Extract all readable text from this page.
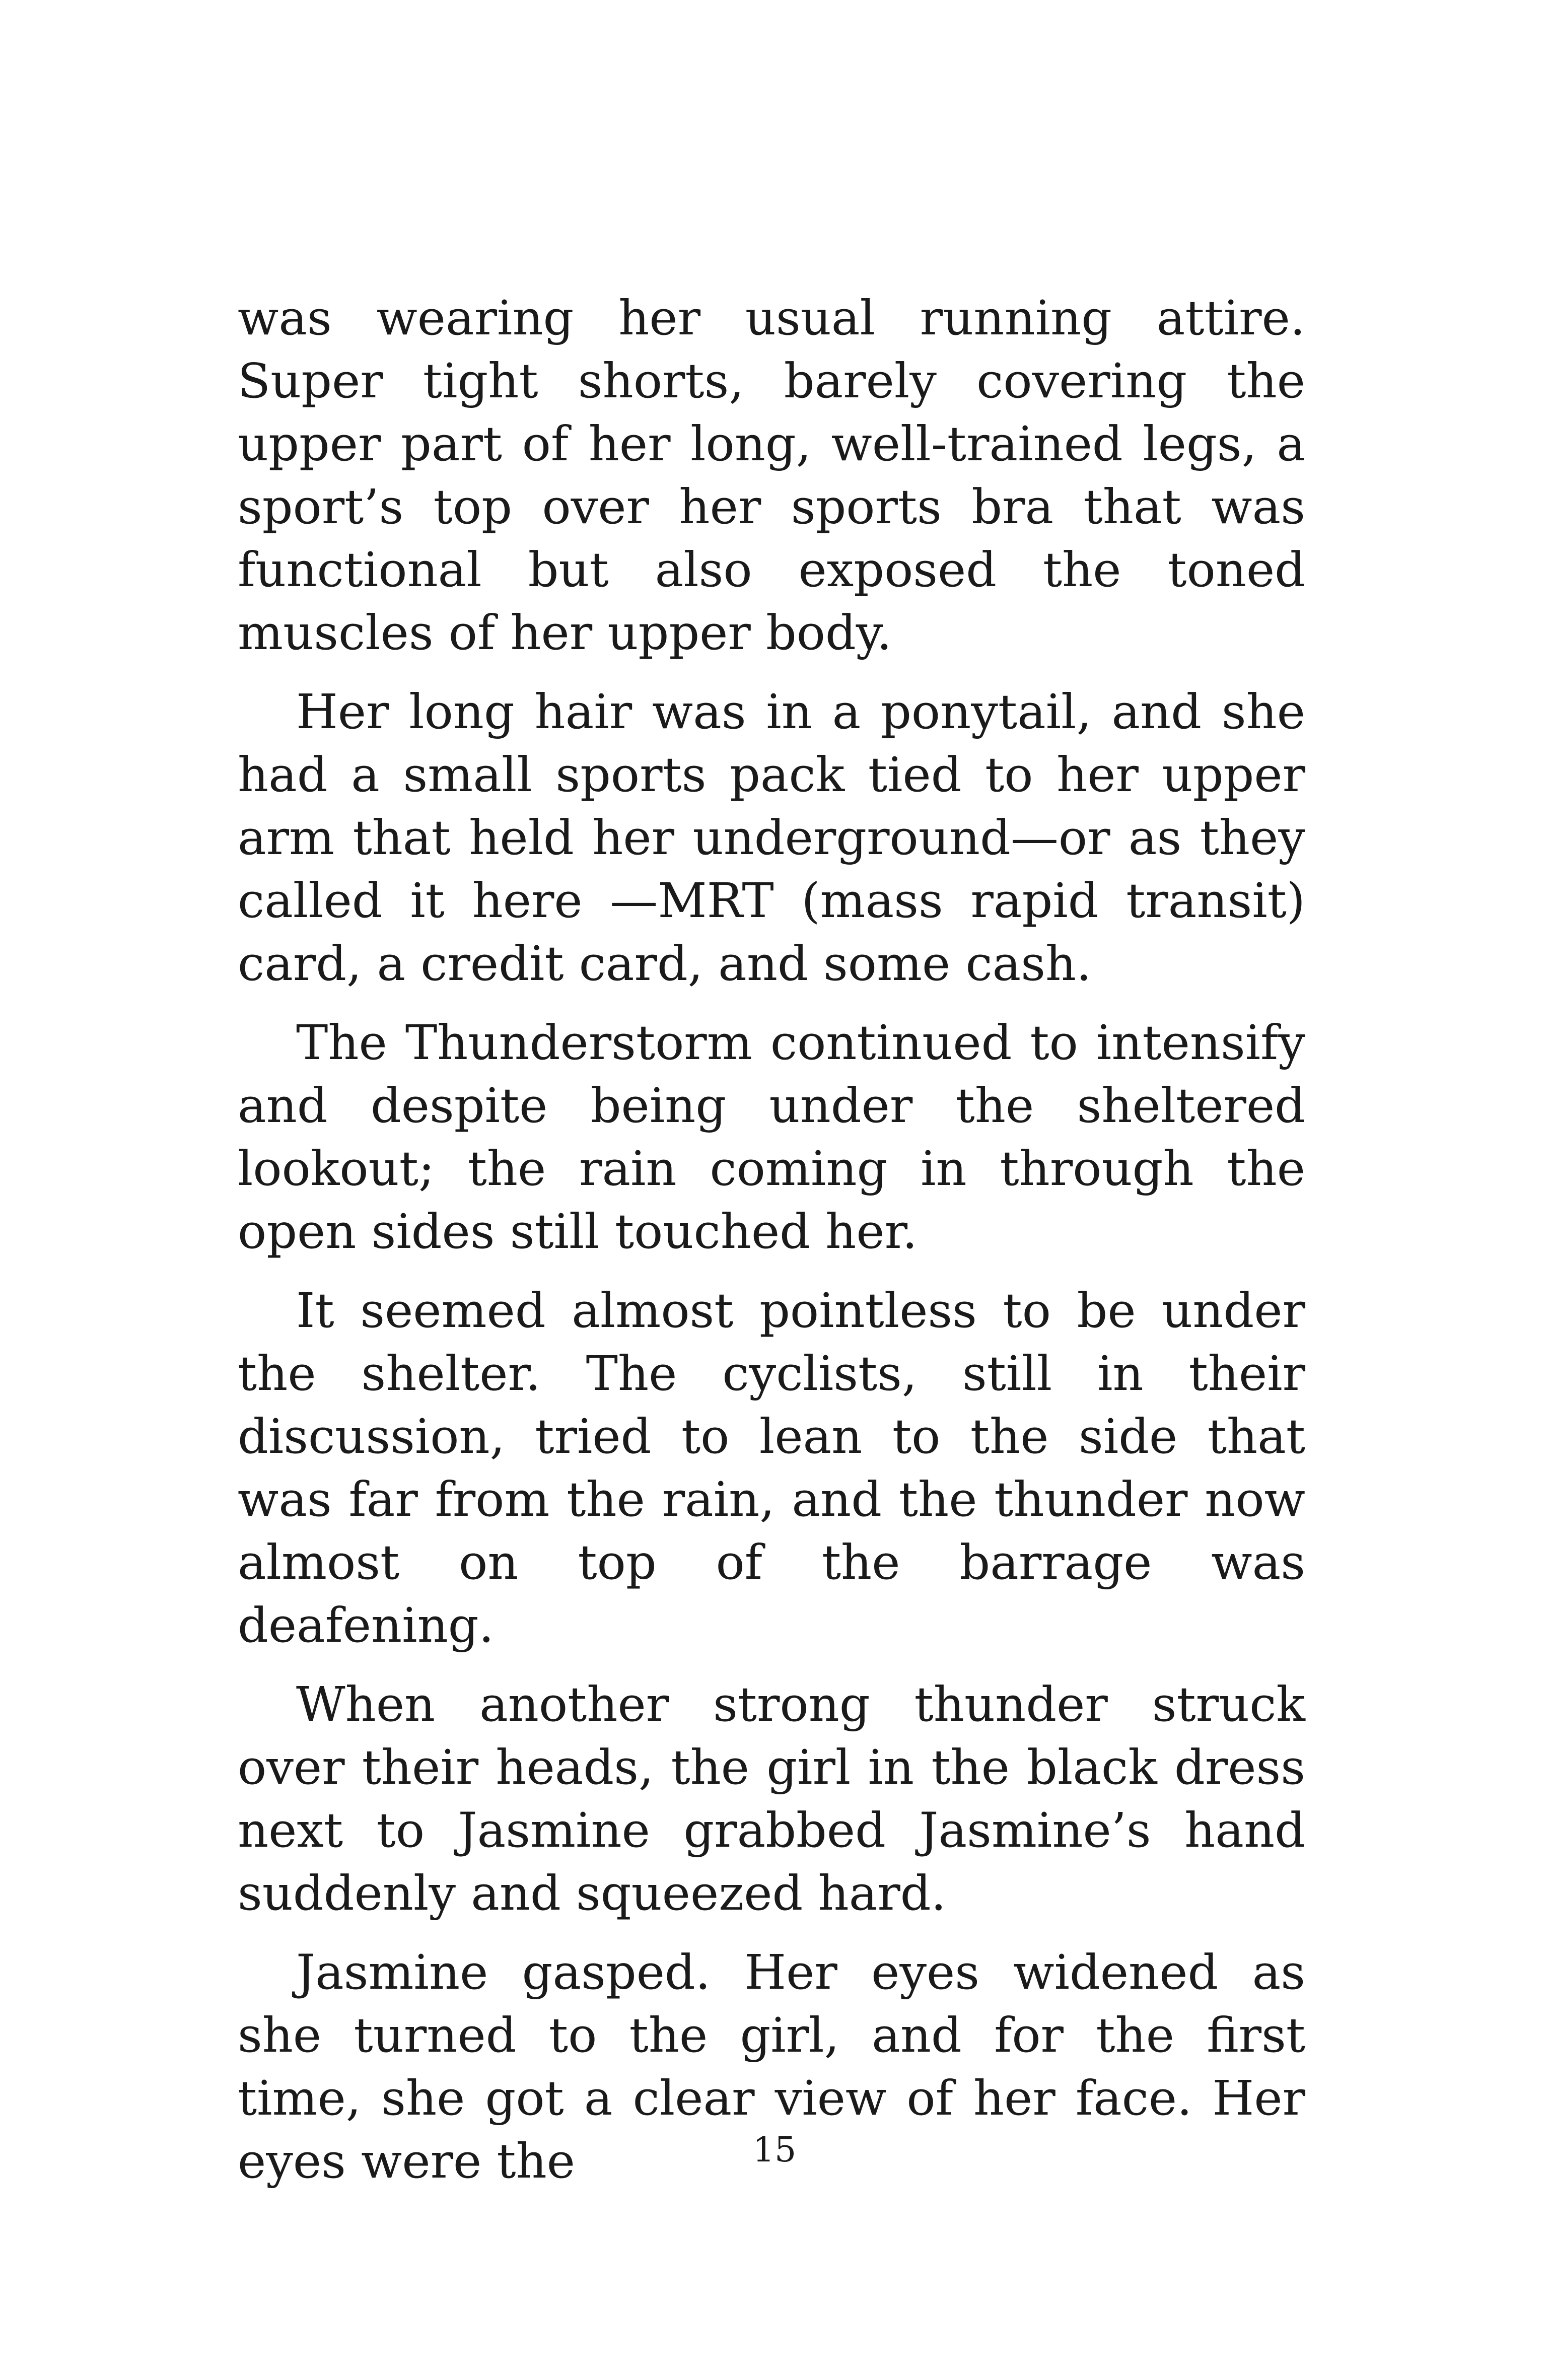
was wearing her usual running attire. Super tight shorts, barely covering the upper part of her long, well-trained legs, a sport’s top over her sports bra that was functional but also exposed the toned muscles of her upper body.

Her long hair was in a ponytail, and she had a small sports pack tied to her upper arm that held her underground—or as they called it here —MRT (mass rapid transit) card, a credit card, and some cash.

The Thunderstorm continued to intensify and despite being under the sheltered lookout; the rain coming in through the open sides still touched her.

It seemed almost pointless to be under the shelter. The cyclists, still in their discussion, tried to lean to the side that was far from the rain, and the thunder now almost on top of the barrage was deafening.

When another strong thunder struck over their heads, the girl in the black dress next to Jasmine grabbed Jasmine’s hand suddenly and squeezed hard.

Jasmine gasped. Her eyes widened as she turned to the girl, and for the first time, she got a clear view of her face. Her eyes were the	15
